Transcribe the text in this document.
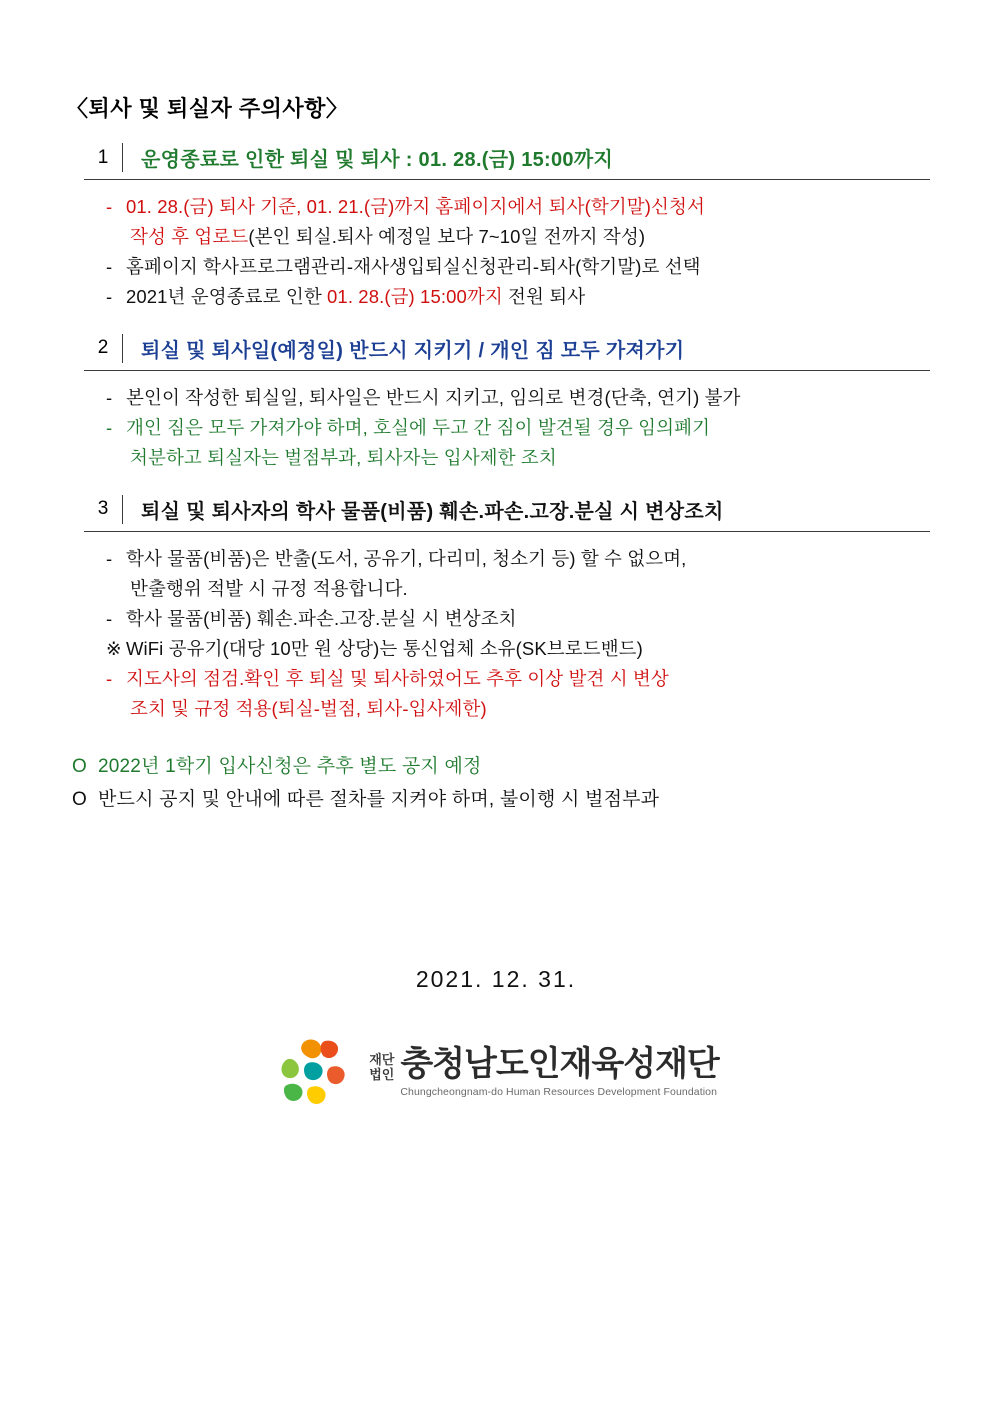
〈퇴사 및 퇴실자 주의사항〉
1	운영종료로 인한 퇴실 및 퇴사 : 01. 28.(금) 15:00까지
- 01. 28.(금) 퇴사 기준, 01. 21.(금)까지 홈페이지에서 퇴사(학기말)신청서
작성 후 업로드(본인 퇴실.퇴사 예정일 보다 7~10일 전까지 작성)
- 홈페이지 학사프로그램관리-재사생입퇴실신청관리-퇴사(학기말)로 선택
- 2021년 운영종료로 인한 01. 28.(금) 15:00까지 전원 퇴사
2	퇴실 및 퇴사일(예정일) 반드시 지키기 / 개인 짐 모두 가져가기
- 본인이 작성한 퇴실일, 퇴사일은 반드시 지키고, 임의로 변경(단축, 연기) 불가
- 개인 짐은 모두 가져가야 하며, 호실에 두고 간 짐이 발견될 경우 임의폐기
처분하고 퇴실자는 벌점부과, 퇴사자는 입사제한 조치
3	퇴실 및 퇴사자의 학사 물품(비품) 훼손.파손.고장.분실 시 변상조치
- 학사 물품(비품)은 반출(도서, 공유기, 다리미, 청소기 등) 할 수 없으며,
반출행위 적발 시 규정 적용합니다.
- 학사 물품(비품) 훼손.파손.고장.분실 시 변상조치
※ WiFi 공유기(대당 10만 원 상당)는 통신업체 소유(SK브로드밴드)
- 지도사의 점검.확인 후 퇴실 및 퇴사하였어도 추후 이상 발견 시 변상
조치 및 규정 적용(퇴실-벌점, 퇴사-입사제한)
O 2022년 1학기 입사신청은 추후 별도 공지 예정
O 반드시 공지 및 안내에 따른 절차를 지켜야 하며, 불이행 시 벌점부과
2021. 12. 31.
재단
법인 충청남도인재육성재단
Chungcheongnam-do Human Resources Development Foundation
